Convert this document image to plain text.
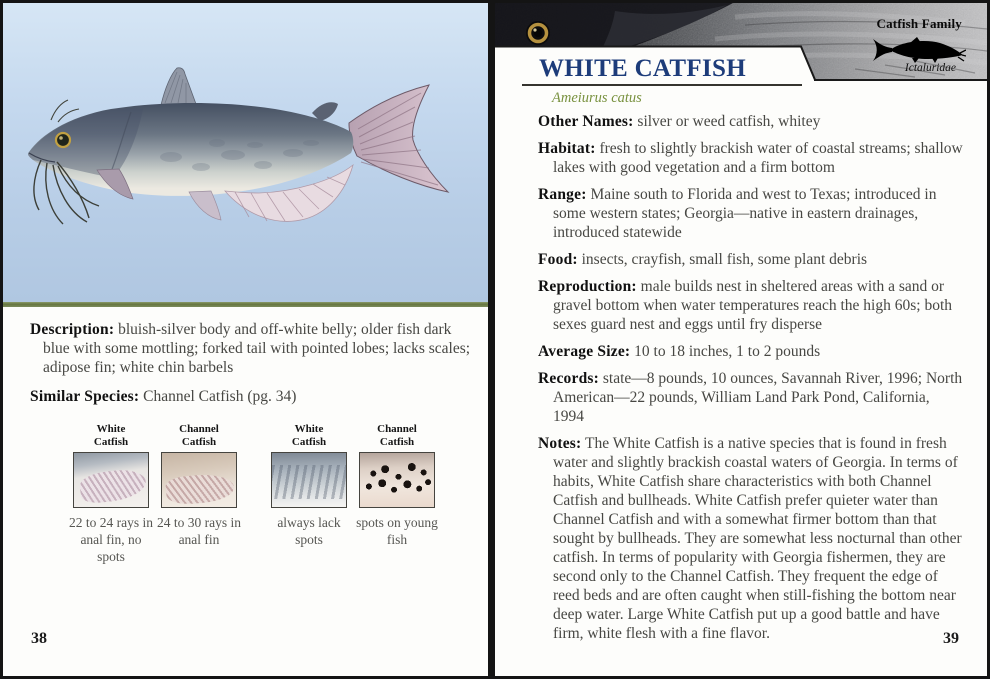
Description: bluish-silver body and off-white belly; older fish dark blue with some mottling; forked tail with pointed lobes; lacks scales; adipose fin; white chin barbels

Similar Species: Channel Catfish (pg. 34)

White Catfish
22 to 24 rays in anal fin, no spots
Channel Catfish
24 to 30 rays in anal fin
White Catfish
always lack spots
Channel Catfish
spots on young fish
38
Catfish Family
Ictaluridae
WHITE CATFISH
Ameiurus catus

Other Names: silver or weed catfish, whitey

Habitat: fresh to slightly brackish water of coastal streams; shallow lakes with good vegetation and a firm bottom

Range: Maine south to Florida and west to Texas; introduced in some western states; Georgia—native in eastern drainages, introduced statewide

Food: insects, crayfish, small fish, some plant debris

Reproduction: male builds nest in sheltered areas with a sand or gravel bottom when water temperatures reach the high 60s; both sexes guard nest and eggs until fry disperse

Average Size: 10 to 18 inches, 1 to 2 pounds

Records: state—8 pounds, 10 ounces, Savannah River, 1996; North American—22 pounds, William Land Park Pond, California, 1994

Notes: The White Catfish is a native species that is found in fresh water and slightly brackish coastal waters of Georgia. In terms of habits, White Catfish share characteristics with both Channel Catfish and bullheads. White Catfish prefer quieter water than Channel Catfish and with a somewhat firmer bottom than that sought by bullheads. They are somewhat less nocturnal than other catfish. In terms of popularity with Georgia fishermen, they are second only to the Channel Catfish. They frequent the edge of reed beds and are often caught when still-fishing the bottom near deep water. Large White Catfish put up a good battle and have firm, white flesh with a fine flavor.	39
